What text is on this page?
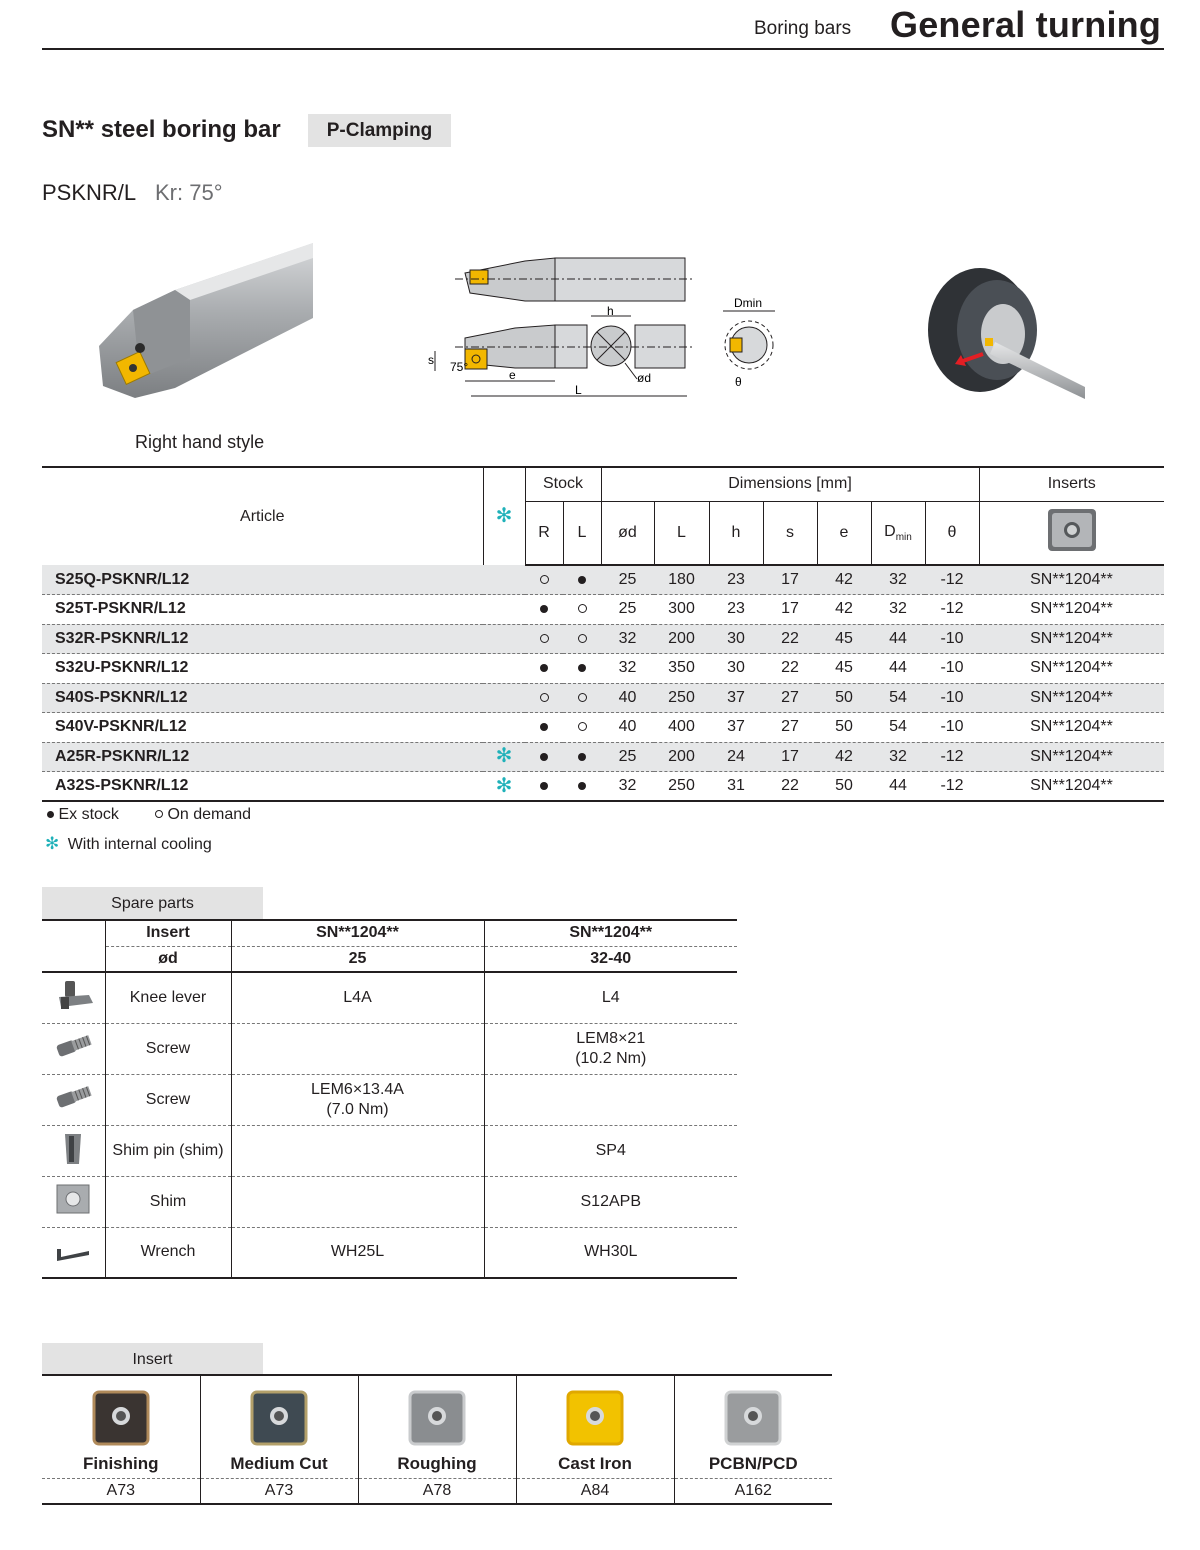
Boring bars General turning
SN** steel boring bar	P-Clamping
PSKNR/L Kr: 75°
h
s 75°
e
L
ød
Dmin
θ
Right hand style
Article	✻	Stock		Dimensions [mm]							Inserts
		R	L	ød	L	h	s	e	$D_{min}$	θ	
S25Q-PSKNR/L12				25	180	23	17	42	32	-12	SN**1204**
S25T-PSKNR/L12				25	300	23	17	42	32	-12	SN**1204**
S32R-PSKNR/L12				32	200	30	22	45	44	-10	SN**1204**
S32U-PSKNR/L12				32	350	30	22	45	44	-10	SN**1204**
S40S-PSKNR/L12				40	250	37	27	50	54	-10	SN**1204**
S40V-PSKNR/L12				40	400	37	27	50	54	-10	SN**1204**
A25R-PSKNR/L12	✻			25	200	24	17	42	32	-12	SN**1204**
A32S-PSKNR/L12	✻			32	250	31	22	50	44	-12	SN**1204**
Ex stock	On demand
✻ With internal cooling
Spare parts
	Insert	SN**1204**	SN**1204**
	ød	25	32-40
	Knee lever	L4A	L4

	Screw		LEM8×21
(10.2 Nm)

	Screw	LEM6×13.4A
(7.0 Nm)	

	Shim pin (shim)		SP4

	Shim		S12APB

	Wrench	WH25L	WH30L
Insert
Finishing	Medium Cut	Roughing	Cast Iron	PCBN/PCD
A73	A73	A78	A84	A162
